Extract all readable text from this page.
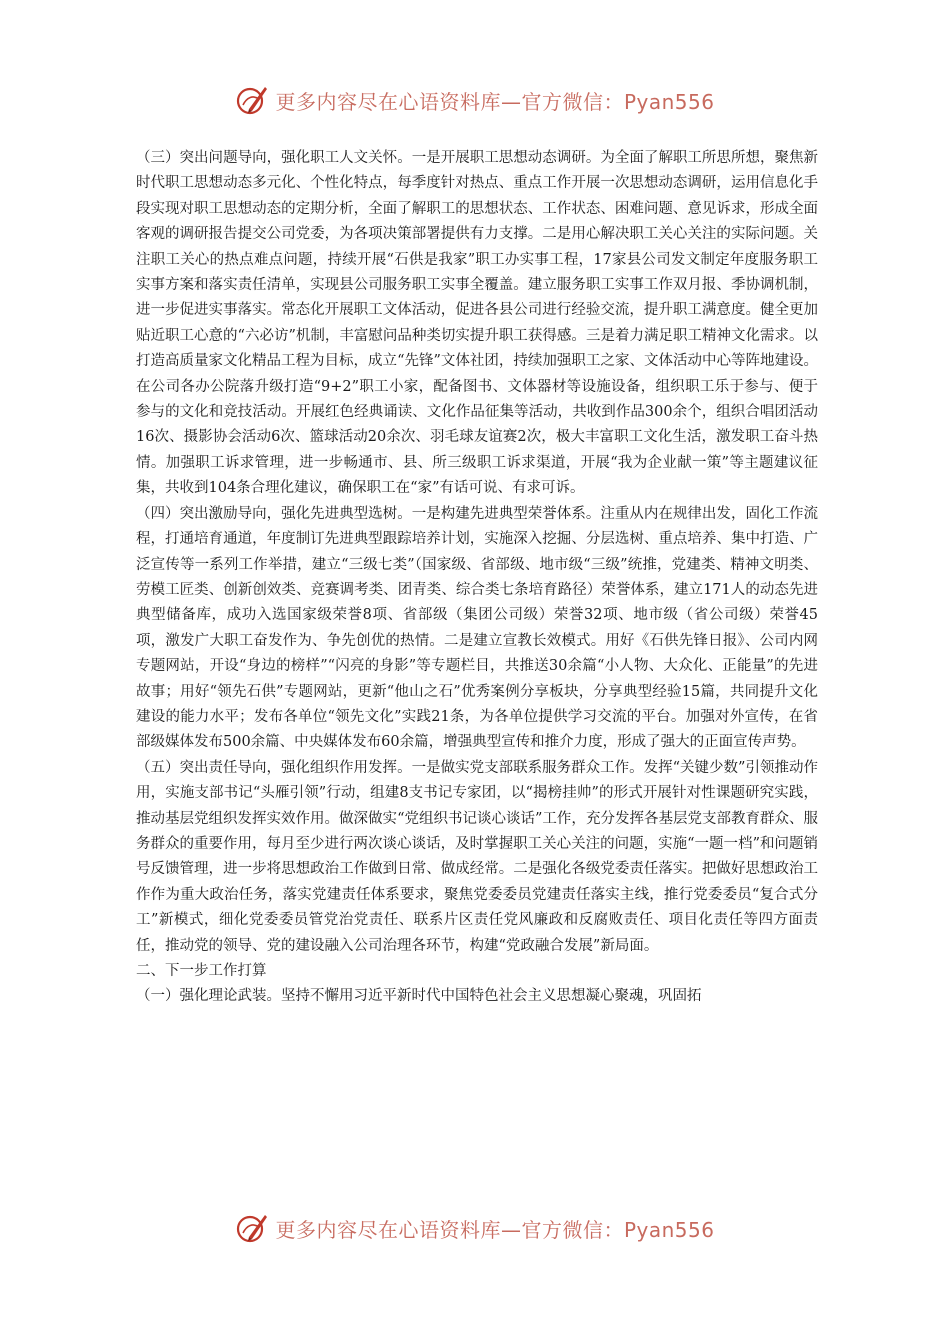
更多内容尽在心语资料库—官方微信：Pyan556

（三）突出问题导向，强化职工人文关怀。一是开展职工思想动态调研。为全面了解职工所思所想，聚焦新时代职工思想动态多元化、个性化特点，每季度针对热点、重点工作开展一次思想动态调研，运用信息化手段实现对职工思想动态的定期分析，全面了解职工的思想状态、工作状态、困难问题、意见诉求，形成全面客观的调研报告提交公司党委，为各项决策部署提供有力支撑。二是用心解决职工关心关注的实际问题。关注职工关心的热点难点问题，持续开展“石供是我家”职工办实事工程，17家县公司发文制定年度服务职工实事方案和落实责任清单，实现县公司服务职工实事全覆盖。建立服务职工实事工作双月报、季协调机制，进一步促进实事落实。常态化开展职工文体活动，促进各县公司进行经验交流，提升职工满意度。健全更加贴近职工心意的“六必访”机制，丰富慰问品种类切实提升职工获得感。三是着力满足职工精神文化需求。以打造高质量家文化精品工程为目标，成立“先锋”文体社团，持续加强职工之家、文体活动中心等阵地建设。在公司各办公院落升级打造“9+2”职工小家，配备图书、文体器材等设施设备，组织职工乐于参与、便于参与的文化和竞技活动。开展红色经典诵读、文化作品征集等活动，共收到作品300余个，组织合唱团活动16次、摄影协会活动6次、篮球活动20余次、羽毛球友谊赛2次，极大丰富职工文化生活，激发职工奋斗热情。加强职工诉求管理，进一步畅通市、县、所三级职工诉求渠道，开展“我为企业献一策”等主题建议征集，共收到104条合理化建议，确保职工在“家”有话可说、有求可诉。

（四）突出激励导向，强化先进典型选树。一是构建先进典型荣誉体系。注重从内在规律出发，固化工作流程，打通培育通道，年度制订先进典型跟踪培养计划，实施深入挖掘、分层选树、重点培养、集中打造、广泛宣传等一系列工作举措，建立“三级七类”（国家级、省部级、地市级“三级”统推，党建类、精神文明类、劳模工匠类、创新创效类、竞赛调考类、团青类、综合类七条培育路径）荣誉体系，建立171人的动态先进典型储备库，成功入选国家级荣誉8项、省部级（集团公司级）荣誉32项、地市级（省公司级）荣誉45项，激发广大职工奋发作为、争先创优的热情。二是建立宣教长效模式。用好《石供先锋日报》、公司内网专题网站，开设“身边的榜样”“闪亮的身影”等专题栏目，共推送30余篇“小人物、大众化、正能量”的先进故事；用好“领先石供”专题网站，更新“他山之石”优秀案例分享板块，分享典型经验15篇，共同提升文化建设的能力水平；发布各单位“领先文化”实践21条，为各单位提供学习交流的平台。加强对外宣传，在省部级媒体发布500余篇、中央媒体发布60余篇，增强典型宣传和推介力度，形成了强大的正面宣传声势。

（五）突出责任导向，强化组织作用发挥。一是做实党支部联系服务群众工作。发挥“关键少数”引领推动作用，实施支部书记“头雁引领”行动，组建8支书记专家团，以“揭榜挂帅”的形式开展针对性课题研究实践，推动基层党组织发挥实效作用。做深做实“党组织书记谈心谈话”工作，充分发挥各基层党支部教育群众、服务群众的重要作用，每月至少进行两次谈心谈话，及时掌握职工关心关注的问题，实施“一题一档”和问题销号反馈管理，进一步将思想政治工作做到日常、做成经常。二是强化各级党委责任落实。把做好思想政治工作作为重大政治任务，落实党建责任体系要求，聚焦党委委员党建责任落实主线，推行党委委员“复合式分工”新模式，细化党委委员管党治党责任、联系片区责任党风廉政和反腐败责任、项目化责任等四方面责任，推动党的领导、党的建设融入公司治理各环节，构建“党政融合发展”新局面。

二、下一步工作打算

（一）强化理论武装。坚持不懈用习近平新时代中国特色社会主义思想凝心聚魂，巩固拓

更多内容尽在心语资料库—官方微信：Pyan556
